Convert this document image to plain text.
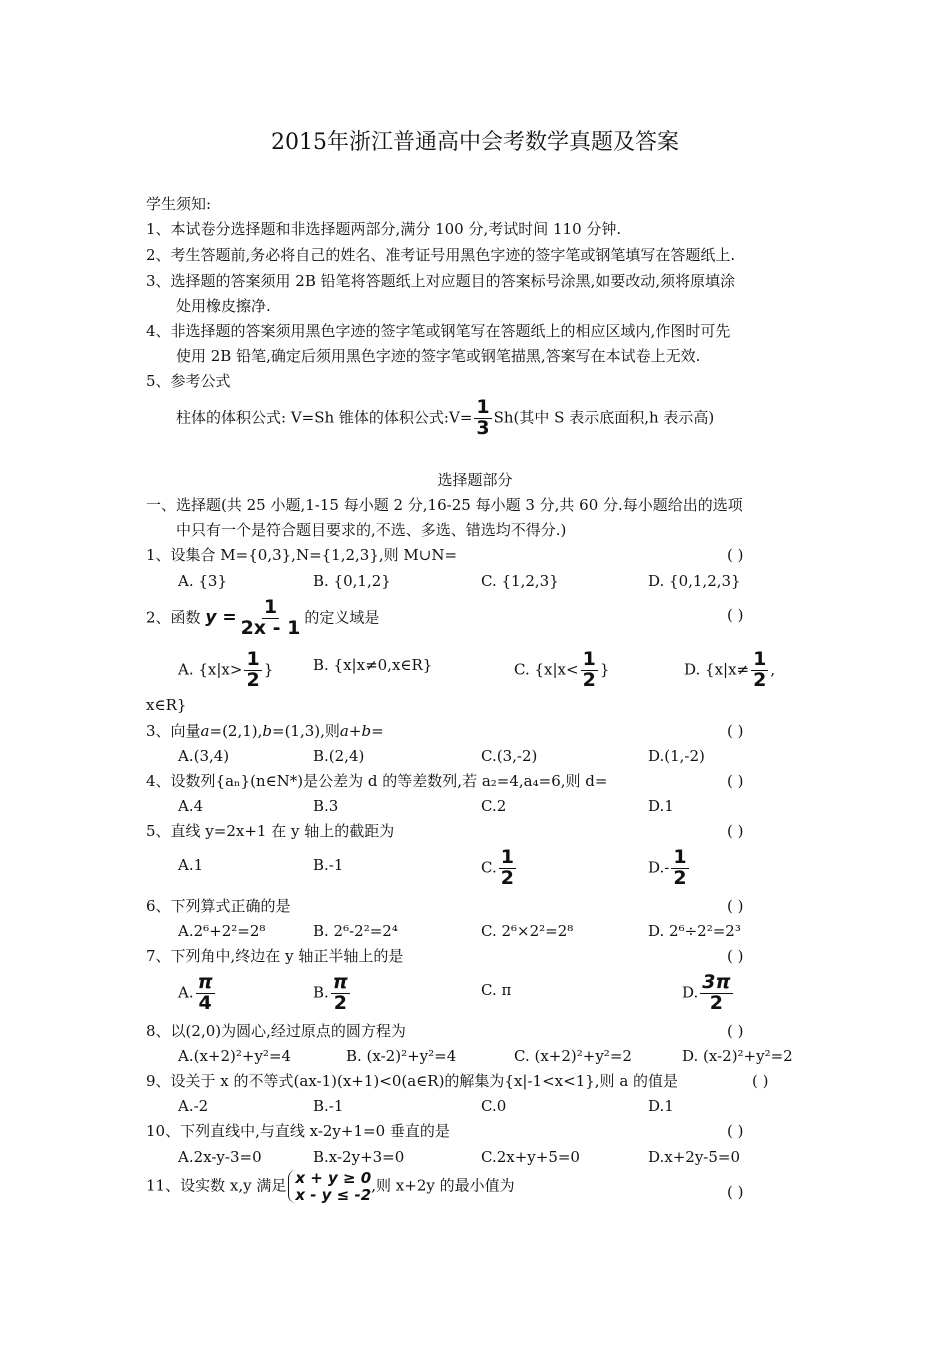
2015年浙江普通高中会考数学真题及答案
学生须知:
1、本试卷分选择题和非选择题两部分,满分 100 分,考试时间 110 分钟.
2、考生答题前,务必将自己的姓名、准考证号用黑色字迹的签字笔或钢笔填写在答题纸上.
3、选择题的答案须用 2B 铅笔将答题纸上对应题目的答案标号涂黑,如要改动,须将原填涂
处用橡皮擦净.
4、非选择题的答案须用黑色字迹的签字笔或钢笔写在答题纸上的相应区域内,作图时可先
使用 2B 铅笔,确定后须用黑色字迹的签字笔或钢笔描黑,答案写在本试卷上无效.
5、参考公式
柱体的体积公式: V=Sh 锥体的体积公式:V= $\frac{1}{3} Sh$(其中 S 表示底面积,h 表示高)
选择题部分
一、选择题(共 25 小题,1-15 每小题 2 分,16-25 每小题 3 分,共 60 分.每小题给出的选项
中只有一个是符合题目要求的,不选、多选、错选均不得分.)
1、设集合 M={0,3},N={1,2,3},则 M∪N=	( )
A. {3}	B. {0,1,2}	C. {1,2,3}	D. {0,1,2,3}
2、函数 $y = \frac{1}{2x - 1}$ 的定义域是	( )
A. {$x|x> \frac{1}{2}$ }	B. {x|x≠0,x∈R}	C. {$x|x< \frac{1}{2}$ }	D. {$x|x\ne \frac{1}{2}$ ,
x∈R}
3、向量a=(2,1),b=(1,3),则a+b=	( )
A.(3,4)	B.(2,4)	C.(3,-2)	D.(1,-2)
4、设数列{aₙ}(n∈N*)是公差为 d 的等差数列,若 a₂=4,a₄=6,则 d=	( )
A.4	B.3	C.2	D.1
5、直线 y=2x+1 在 y 轴上的截距为	( )
A.1	B.-1	C. $\frac{1}{2}$	$D.- \frac{1}{2}$
6、下列算式正确的是	( )
A.2⁶+2²=2⁸	B. 2⁶-2²=2⁴	C. 2⁶×2²=2⁸	D. 2⁶÷2²=2³
7、下列角中,终边在 y 轴正半轴上的是	( )
A. $\frac{\pi}{4}$	B. $\frac{\pi}{2}$	C. π	D. $\frac{3\pi}{2}$
8、以(2,0)为圆心,经过原点的圆方程为	( )
A.(x+2)²+y²=4	B. (x-2)²+y²=4	C. (x+2)²+y²=2	D. (x-2)²+y²=2
9、设关于 x 的不等式(ax-1)(x+1)<0(a∈R)的解集为{x|-1<x<1},则 a 的值是	( )
A.-2	B.-1	C.0	D.1
10、下列直线中,与直线 x-2y+1=0 垂直的是	( )
A.2x-y-3=0	B.x-2y+3=0	C.2x+y+5=0	D.x+2y-5=0
11、设实数 x,y 满足 x + y ≥ 0
x - y ≤ -2 ,则 x+2y 的最小值为	( )
